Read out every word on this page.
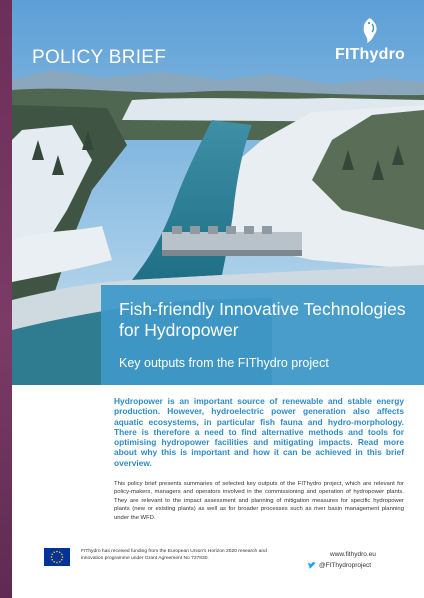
POLICY BRIEF	FIThydro
Fish-friendly Innovative Technologies for Hydropower
Key outputs from the FIThydro project

Hydropower is an important source of renewable and stable energy production. However, hydroelectric power generation also affects aquatic ecosystems, in particular fish fauna and hydro-morphology. There is therefore a need to find alternative methods and tools for optimising hydropower facilities and mitigating impacts. Read more about why this is important and how it can be achieved in this brief overview.

This policy brief presents summaries of selected key outputs of the FIThydro project, which are relevant for policy-makers, managers and operators involved in the commissioning and operation of hydropower plants. They are relevant to the impact assessment and planning of mitigation measures for specific hydropower plants (new or existing plants) as well as for broader processes such as river basin management planning under the WFD.

FIThydro has received funding from the European Union's Horizon 2020 research and innovation programme under Grant Agreement No 727830.

www.fithydro.eu
@FIThydroproject
